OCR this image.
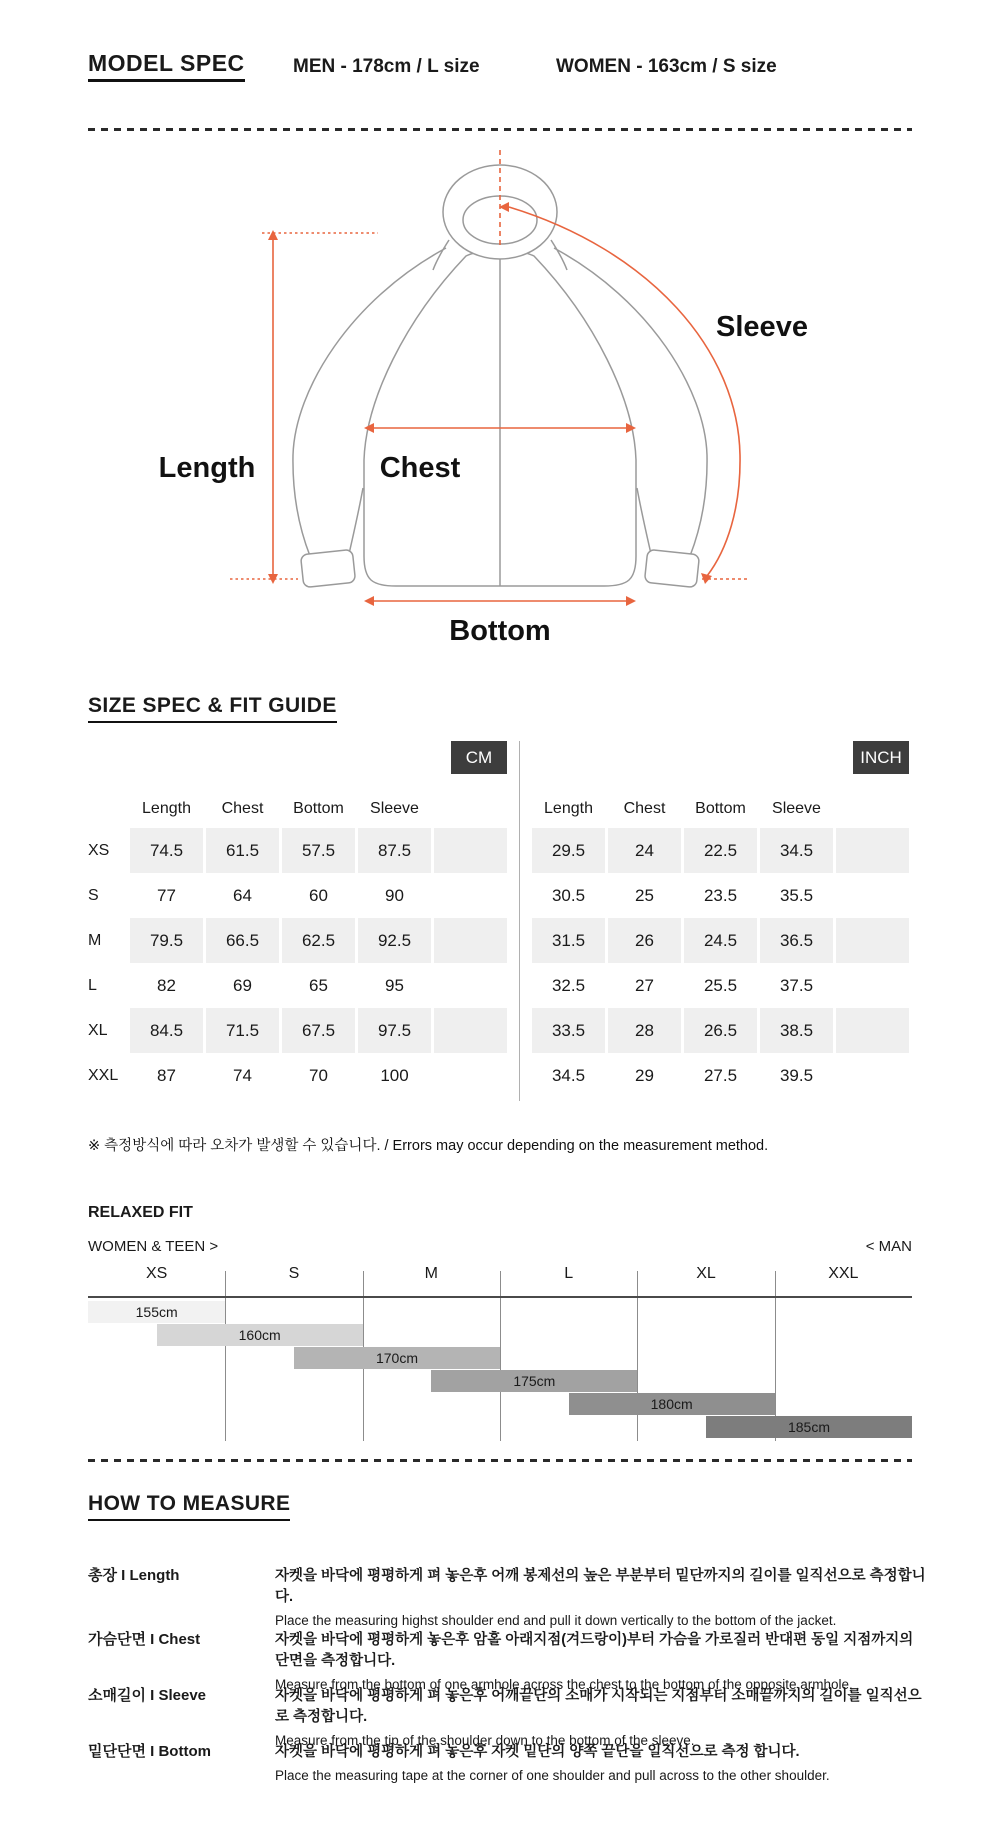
MODEL SPEC	MEN - 178cm / L size	WOMEN - 163cm / S size
Length	Chest
Sleeve
Bottom
SIZE SPEC & FIT GUIDE
CM	INCH
Length	Chest	Bottom	Sleeve
XS	74.5	61.5	57.5	87.5
S	77	64	60	90
M	79.5	66.5	62.5	92.5
L	82	69	65	95
XL	84.5	71.5	67.5	97.5
XXL	87	74	70	100
Length	Chest	Bottom	Sleeve
29.5	24	22.5	34.5
30.5	25	23.5	35.5
31.5	26	24.5	36.5
32.5	27	25.5	37.5
33.5	28	26.5	38.5
34.5	29	27.5	39.5
※ 측정방식에 따라 오차가 발생할 수 있습니다. / Errors may occur depending on the measurement method.
RELAXED FIT
WOMEN & TEEN >	< MAN
XS	S	M	L	XL	XXL
155cm
160cm
170cm
175cm
180cm
185cm
HOW TO MEASURE
총장 I Length	자켓을 바닥에 평평하게 펴 놓은후 어깨 봉제선의 높은 부분부터 밑단까지의 길이를 일직선으로 측정합니다.
Place the measuring highst shoulder end and pull it down vertically to the bottom of the jacket.
가슴단면 I Chest	자켓을 바닥에 평평하게 놓은후 암홀 아래지점(겨드랑이)부터 가슴을 가로질러 반대편 동일 지점까지의 단면을 측정합니다.
Measure from the bottom of one armhole across the chest to the bottom of the opposite armhole.
소매길이 I Sleeve	자켓을 바닥에 평평하게 펴 놓은후 어깨끝단의 소매가 시작되는 지점부터 소매끝까지의 길이를 일직선으로 측정합니다.
Measure from the tip of the shoulder down to the bottom of the sleeve.
밑단단면 I Bottom	자켓을 바닥에 평평하게 펴 놓은후 자켓 밑단의 양쪽 끝단을 일직선으로 측정 합니다.
Place the measuring tape at the corner of one shoulder and pull across to the other shoulder.
